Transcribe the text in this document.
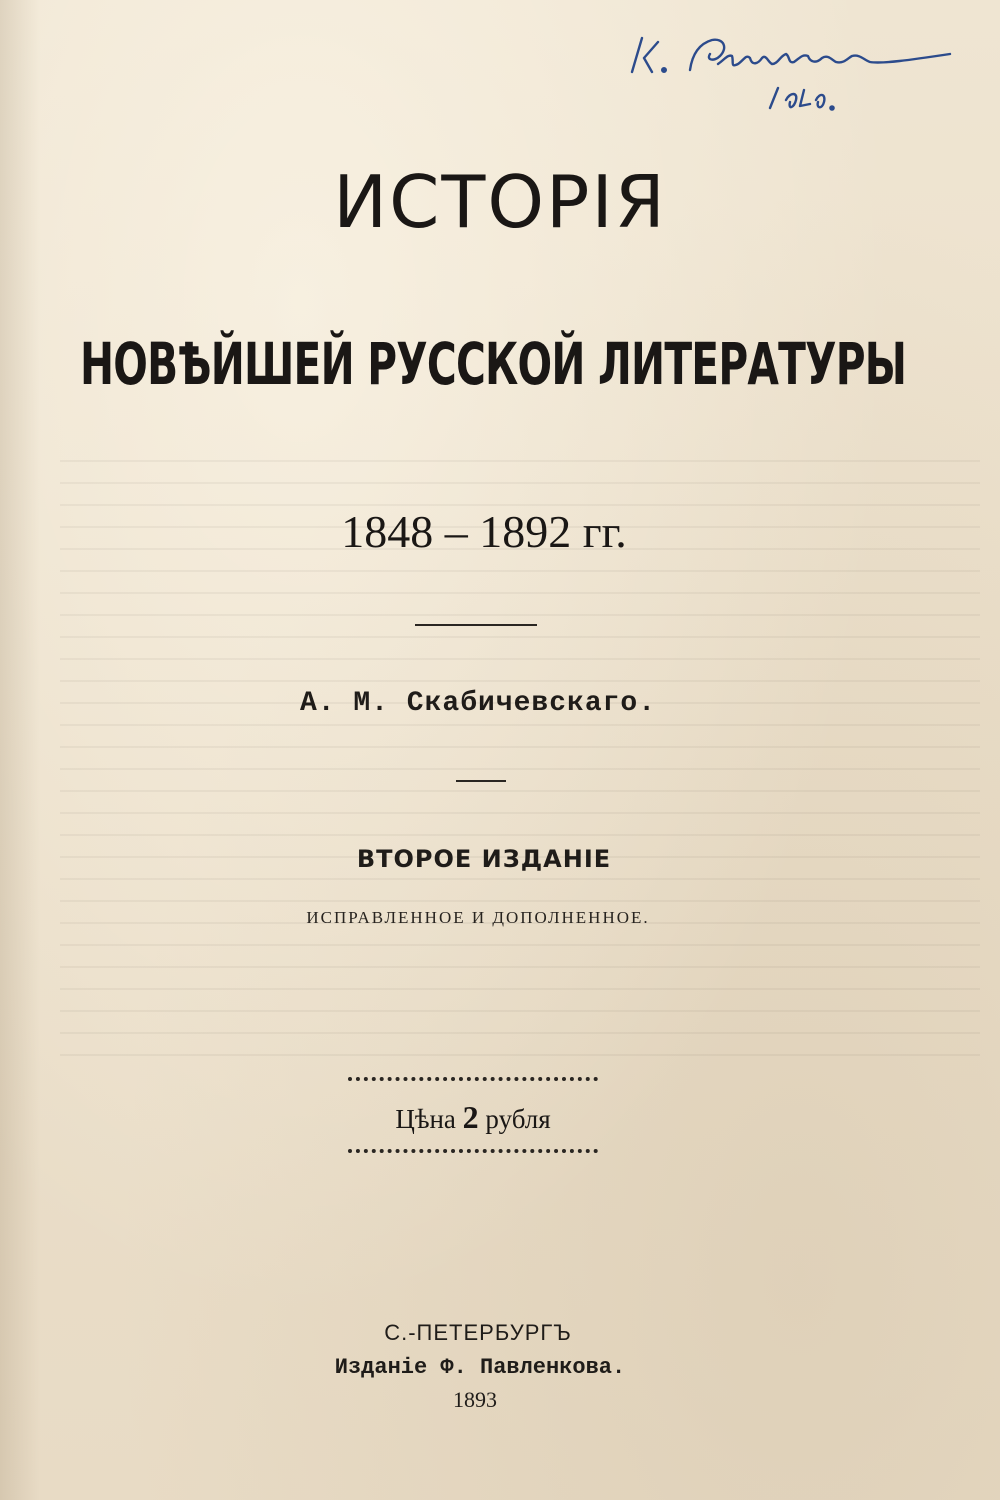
ИСТОРІЯ
НОВѢЙШЕЙ РУССКОЙ ЛИТЕРАТУРЫ
1848 – 1892 гг.
А. М. Скабичевскаго.
ВТОРОЕ ИЗДАНІЕ
ИСПРАВЛЕННОЕ И ДОПОЛНЕННОЕ.
Цѣна 2 рубля
С.-ПЕТЕРБУРГЪ
Изданіе Ф. Павленкова.
1893
